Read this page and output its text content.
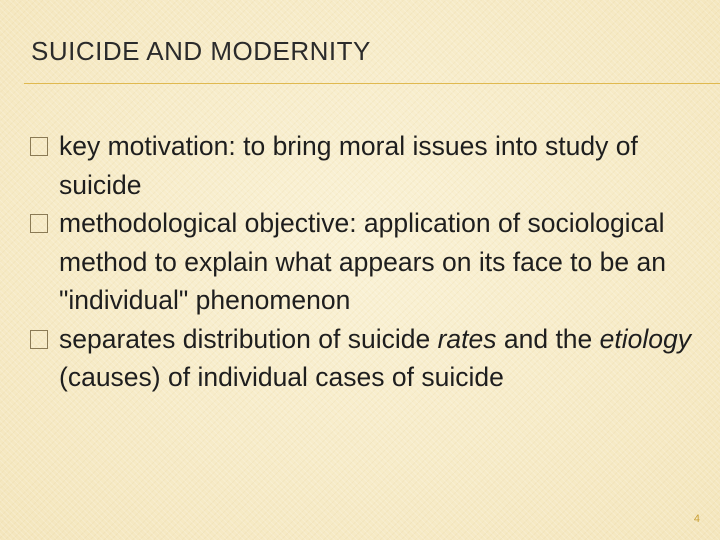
SUICIDE AND MODERNITY
key motivation: to bring moral issues into study of suicide
methodological objective: application of sociological method to explain what appears on its face to be an "individual" phenomenon
separates distribution of suicide rates and the etiology (causes) of individual cases of suicide
4
